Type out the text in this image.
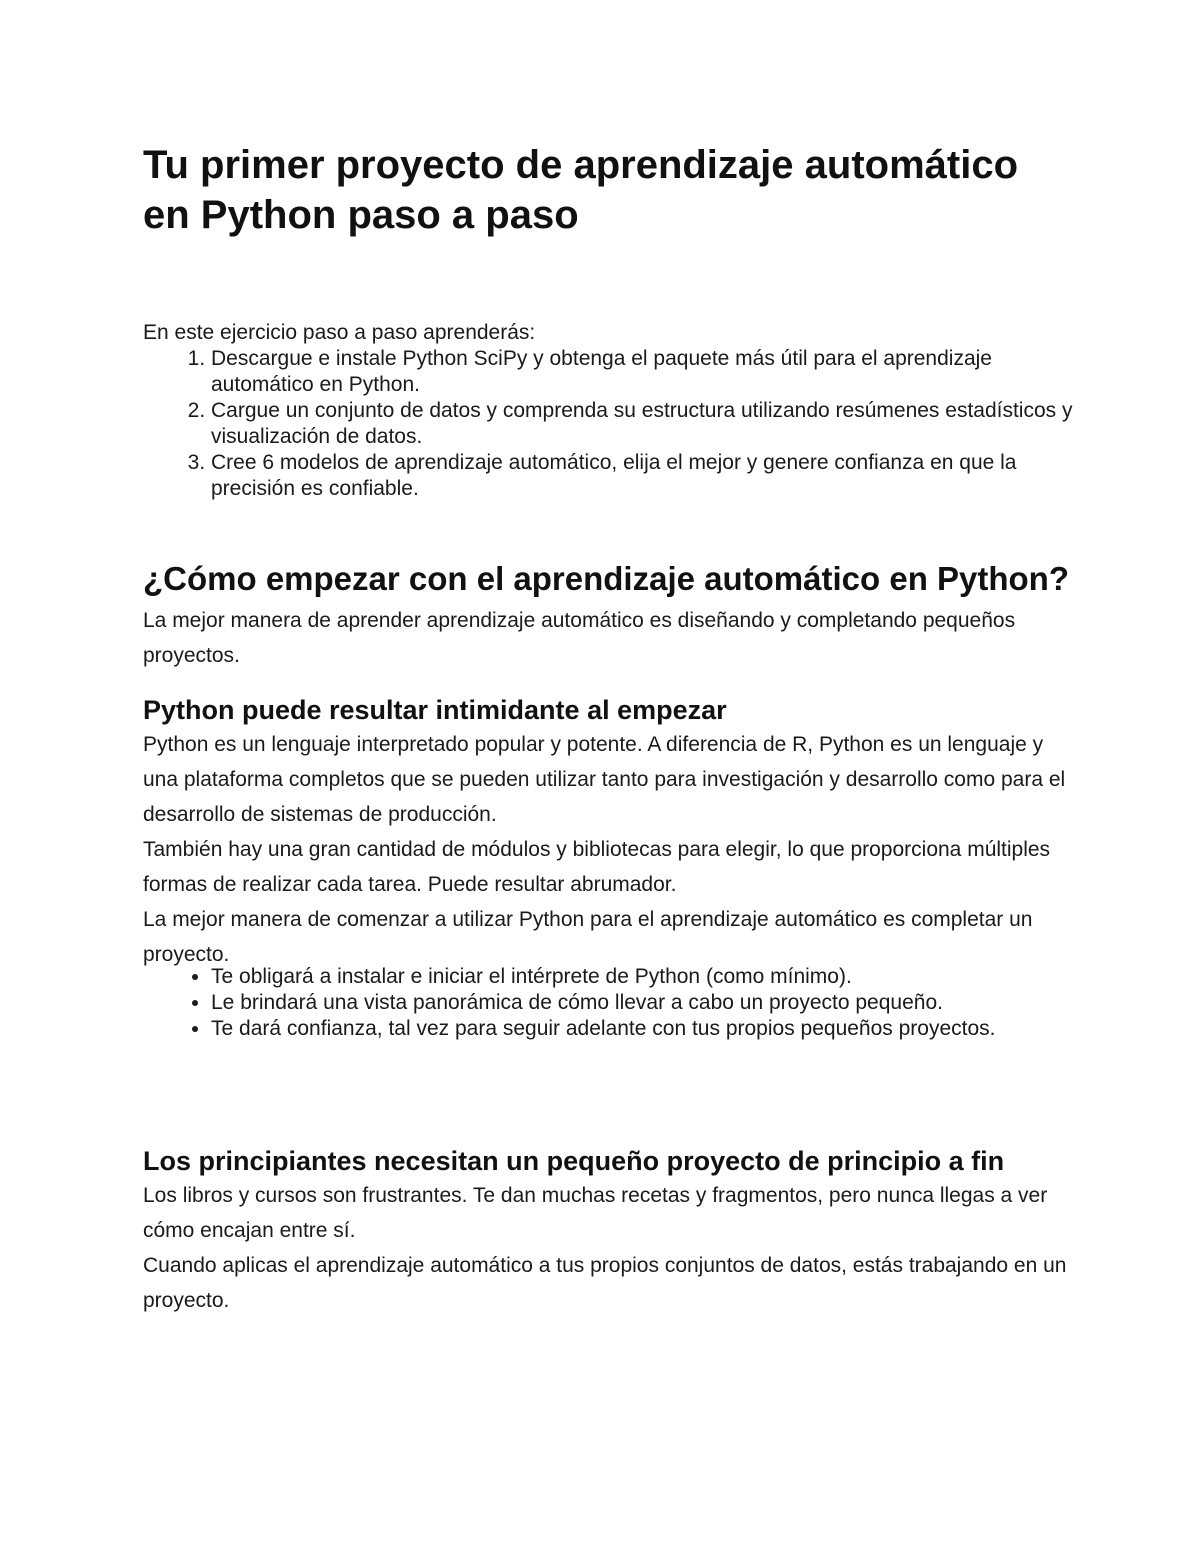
Tu primer proyecto de aprendizaje automático en Python paso a paso

En este ejercicio paso a paso aprenderás:

1. Descargue e instale Python SciPy y obtenga el paquete más útil para el aprendizaje automático en Python.
2. Cargue un conjunto de datos y comprenda su estructura utilizando resúmenes estadísticos y visualización de datos.
3. Cree 6 modelos de aprendizaje automático, elija el mejor y genere confianza en que la precisión es confiable.
¿Cómo empezar con el aprendizaje automático en Python?

La mejor manera de aprender aprendizaje automático es diseñando y completando pequeños proyectos.

Python puede resultar intimidante al empezar

Python es un lenguaje interpretado popular y potente. A diferencia de R, Python es un lenguaje y una plataforma completos que se pueden utilizar tanto para investigación y desarrollo como para el desarrollo de sistemas de producción.

También hay una gran cantidad de módulos y bibliotecas para elegir, lo que proporciona múltiples formas de realizar cada tarea. Puede resultar abrumador.

La mejor manera de comenzar a utilizar Python para el aprendizaje automático es completar un proyecto.

• Te obligará a instalar e iniciar el intérprete de Python (como mínimo).
• Le brindará una vista panorámica de cómo llevar a cabo un proyecto pequeño.
• Te dará confianza, tal vez para seguir adelante con tus propios pequeños proyectos.
Los principiantes necesitan un pequeño proyecto de principio a fin

Los libros y cursos son frustrantes. Te dan muchas recetas y fragmentos, pero nunca llegas a ver cómo encajan entre sí.

Cuando aplicas el aprendizaje automático a tus propios conjuntos de datos, estás trabajando en un proyecto.
